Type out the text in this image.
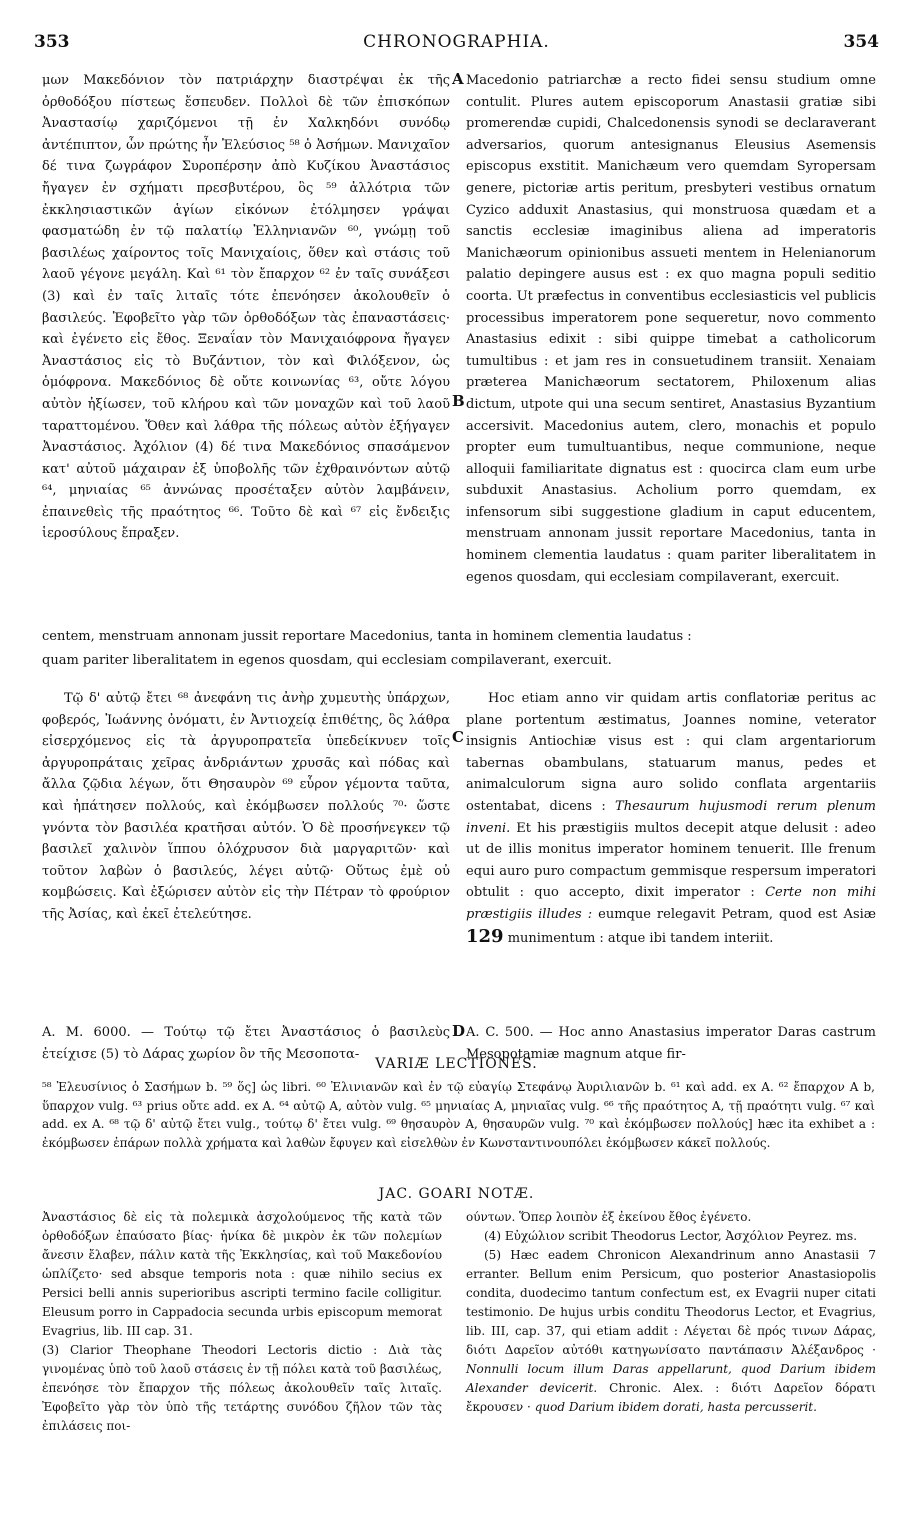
353	CHRONOGRAPHIA.	354
A
B
C
D

μων Μακεδόνιον τὸν πατριάρχην διαστρέψαι ἐκ τῆς ὀρθοδόξου πίστεως ἔσπευδεν. Πολλοὶ δὲ τῶν ἐπισκόπων Ἀναστασίῳ χαριζόμενοι τῇ ἐν Χαλκηδόνι συνόδῳ ἀντέπιπτον, ὧν πρώτης ἦν Ἐλεύσιος ⁵⁸ ὁ Ἀσήμων. Μανιχαῖον δέ τινα ζωγράφον Συροπέρσην ἀπὸ Κυζίκου Ἀναστάσιος ἤγαγεν ἐν σχήματι πρεσβυτέρου, ὃς ⁵⁹ ἀλλότρια τῶν ἐκκλησιαστικῶν ἁγίων εἰκόνων ἐτόλμησεν γράψαι φασματώδη ἐν τῷ παλατίῳ Ἑλληνιανῶν ⁶⁰, γνώμῃ τοῦ βασιλέως χαίροντος τοῖς Μανιχαίοις, ὅθεν καὶ στάσις τοῦ λαοῦ γέγονε μεγάλη. Καὶ ⁶¹ τὸν ἔπαρχον ⁶² ἐν ταῖς συνάξεσι (3) καὶ ἐν ταῖς λιταῖς τότε ἐπενόησεν ἀκολουθεῖν ὁ βασιλεύς. Ἐφοβεῖτο γὰρ τῶν ὀρθοδόξων τὰς ἐπαναστάσεις· καὶ ἐγένετο εἰς ἔθος. Ξεναΐαν τὸν Μανιχαιόφρονα ἤγαγεν Ἀναστάσιος εἰς τὸ Βυζάντιον, τὸν καὶ Φιλόξενον, ὡς ὁμόφρονα. Μακεδόνιος δὲ οὔτε κοινωνίας ⁶³, οὔτε λόγου αὐτὸν ἠξίωσεν, τοῦ κλήρου καὶ τῶν μοναχῶν καὶ τοῦ λαοῦ ταραττομένου. Ὅθεν καὶ λάθρα τῆς πόλεως αὐτὸν ἐξήγαγεν Ἀναστάσιος. Ἀχόλιον (4) δέ τινα Μακεδόνιος σπασάμενον κατ' αὐτοῦ μάχαιραν ἐξ ὑποβολῆς τῶν ἐχθραινόντων αὐτῷ ⁶⁴, μηνιαίας ⁶⁵ ἀννώνας προσέταξεν αὐτὸν λαμβάνειν, ἐπαινεθεὶς τῆς πραότητος ⁶⁶. Τοῦτο δὲ καὶ ⁶⁷ εἰς ἔνδειξις ἱεροσύλους ἔπραξεν.

Macedonio patriarchæ a recto fidei sensu studium omne contulit. Plures autem episcoporum Anastasii gratiæ sibi promerendæ cupidi, Chalcedonensis synodi se declaraverant adversarios, quorum antesignanus Eleusius Asemensis episcopus exstitit. Manichæum vero quemdam Syropersam genere, pictoriæ artis peritum, presbyteri vestibus ornatum Cyzico adduxit Anastasius, qui monstruosa quædam et a sanctis ecclesiæ imaginibus aliena ad imperatoris Manichæorum opinionibus assueti mentem in Helenianorum palatio depingere ausus est : ex quo magna populi seditio coorta. Ut præfectus in conventibus ecclesiasticis vel publicis processibus imperatorem pone sequeretur, novo commento Anastasius edixit : sibi quippe timebat a catholicorum tumultibus : et jam res in consuetudinem transiit. Xenaiam præterea Manichæorum sectatorem, Philoxenum alias dictum, utpote qui una secum sentiret, Anastasius Byzantium accersivit. Macedonius autem, clero, monachis et populo propter eum tumultuantibus, neque communione, neque alloquii familiaritate dignatus est : quocirca clam eum urbe subduxit Anastasius. Acholium porro quemdam, ex infensorum sibi suggestione gladium in caput educentem, menstruam annonam jussit reportare Macedonius, tanta in hominem clementia laudatus : quam pariter liberalitatem in egenos quosdam, qui ecclesiam compilaverant, exercuit.

centem, menstruam annonam jussit reportare Macedonius, tanta in hominem clementia laudatus :
quam pariter liberalitatem in egenos quosdam, qui ecclesiam compilaverant, exercuit.

Τῷ δ' αὐτῷ ἔτει ⁶⁸ ἀνεφάνη τις ἀνὴρ χυμευτὴς ὑπάρχων, φοβερός, Ἰωάννης ὀνόματι, ἐν Ἀντιοχείᾳ ἐπιθέτης, ὃς λάθρα εἰσερχόμενος εἰς τὰ ἀργυροπρατεῖα ὑπεδείκνυεν τοῖς ἀργυροπράταις χεῖρας ἀνδριάντων χρυσᾶς καὶ πόδας καὶ ἄλλα ζῷδια λέγων, ὅτι Θησαυρὸν ⁶⁹ εὗρον γέμοντα ταῦτα, καὶ ἠπάτησεν πολλούς, καὶ ἐκόμβωσεν πολλούς ⁷⁰· ὥστε γνόντα τὸν βασιλέα κρατῆσαι αὐτόν. Ὁ δὲ προσήνεγκεν τῷ βασιλεῖ χαλινὸν ἵππου ὁλόχρυσον διὰ μαργαριτῶν· καὶ τοῦτον λαβὼν ὁ βασιλεύς, λέγει αὐτῷ· Οὕτως ἐμὲ οὐ κομβώσεις. Καὶ ἐξώρισεν αὐτὸν εἰς τὴν Πέτραν τὸ φρούριον τῆς Ἀσίας, καὶ ἐκεῖ ἐτελεύτησε.

Hoc etiam anno vir quidam artis conflatoriæ peritus ac plane portentum æstimatus, Joannes nomine, veterator insignis Antiochiæ visus est : qui clam argentariorum tabernas obambulans, statuarum manus, pedes et animalculorum signa auro solido conflata argentariis ostentabat, dicens : Thesaurum hujusmodi rerum plenum inveni. Et his præstigiis multos decepit atque delusit : adeo ut de illis monitus imperator hominem tenuerit. Ille frenum equi auro puro compactum gemmisque respersum imperatori obtulit : quo accepto, dixit imperator : Certe non mihi præstigiis illudes : eumque relegavit Petram, quod est Asiæ 129 munimentum : atque ibi tandem interiit.

A. M. 6000. — Τούτῳ τῷ ἔτει Ἀναστάσιος ὁ βασιλεὺς ἐτείχισε (5) τὸ Δάρας χωρίον ὂν τῆς Μεσοποτα-

A. C. 500. — Hoc anno Anastasius imperator Daras castrum Mesopotamiæ magnum atque fir-

VARIÆ LECTIONES.
⁵⁸ Ἐλευσίνιος ὁ Σασήμων b. ⁵⁹ ὅς] ὡς libri. ⁶⁰ Ἐλινιανῶν καὶ ἐν τῷ εὐαγίῳ Στεφάνῳ Ἀυριλιανῶν b. ⁶¹ καὶ add. ex A. ⁶² ἔπαρχον A b, ὕπαρχον vulg. ⁶³ prius οὔτε add. ex A. ⁶⁴ αὐτῷ A, αὐτὸν vulg. ⁶⁵ μηνιαίας A, μηνιαῖας vulg. ⁶⁶ τῆς πραότητος A, τῇ πραότητι vulg. ⁶⁷ καὶ add. ex A. ⁶⁸ τῷ δ' αὐτῷ ἔτει vulg., τούτῳ δ' ἔτει vulg. ⁶⁹ θησαυρὸν A, θησαυρῶν vulg. ⁷⁰ καὶ ἐκόμβωσεν πολλούς] hæc ita exhibet a : ἐκόμβωσεν ἐπάρων πολλὰ χρήματα καὶ λαθὼν ἔφυγεν καὶ εἰσελθὼν ἐν Κωνσταντινουπόλει ἐκόμβωσεν κάκεῖ πολλούς.
JAC. GOARI NOTÆ.

Ἀναστάσιος δὲ εἰς τὰ πολεμικὰ ἀσχολούμενος τῆς κατὰ τῶν ὀρθοδόξων ἐπαύσατο βίας· ἡνίκα δὲ μικρὸν ἐκ τῶν πολεμίων ἄνεσιν ἔλαβεν, πάλιν κατὰ τῆς Ἐκκλησίας, καὶ τοῦ Μακεδονίου ὡπλίζετο· sed absque temporis nota : quæ nihilo secius ex Persici belli annis superioribus ascripti termino facile colligitur. Eleusum porro in Cappadocia secunda urbis episcopum memorat Evagrius, lib. III cap. 31.

(3) Clarior Theophane Theodori Lectoris dictio : Διὰ τὰς γινομένας ὑπὸ τοῦ λαοῦ στάσεις ἐν τῇ πόλει κατὰ τοῦ βασιλέως, ἐπενόησε τὸν ἔπαρχον τῆς πόλεως ἀκολουθεῖν ταῖς λιταῖς. Ἐφοβεῖτο γὰρ τὸν ὑπὸ τῆς τετάρτης συνόδου ζῆλον τῶν τὰς ἐπιλάσεις ποι-

ούντων. Ὅπερ λοιπὸν ἐξ ἐκείνου ἔθος ἐγένετο.

(4) Εὐχώλιον scribit Theodorus Lector, Ἀσχόλιον Peyrez. ms.

(5) Hæc eadem Chronicon Alexandrinum anno Anastasii 7 erranter. Bellum enim Persicum, quo posterior Anastasiopolis condita, duodecimo tantum confectum est, ex Evagrii nuper citati testimonio. De hujus urbis conditu Theodorus Lector, et Evagrius, lib. III, cap. 37, qui etiam addit : Λέγεται δὲ πρός τινων Δάρας, διότι Δαρεῖον αὐτόθι κατηγωνίσατο παντάπασιν Ἀλέξανδρος · Nonnulli locum illum Daras appellarunt, quod Darium ibidem Alexander devicerit. Chronic. Alex. : διότι Δαρεῖον δόρατι ἔκρουσεν · quod Darium ibidem dorati, hasta percusserit.
